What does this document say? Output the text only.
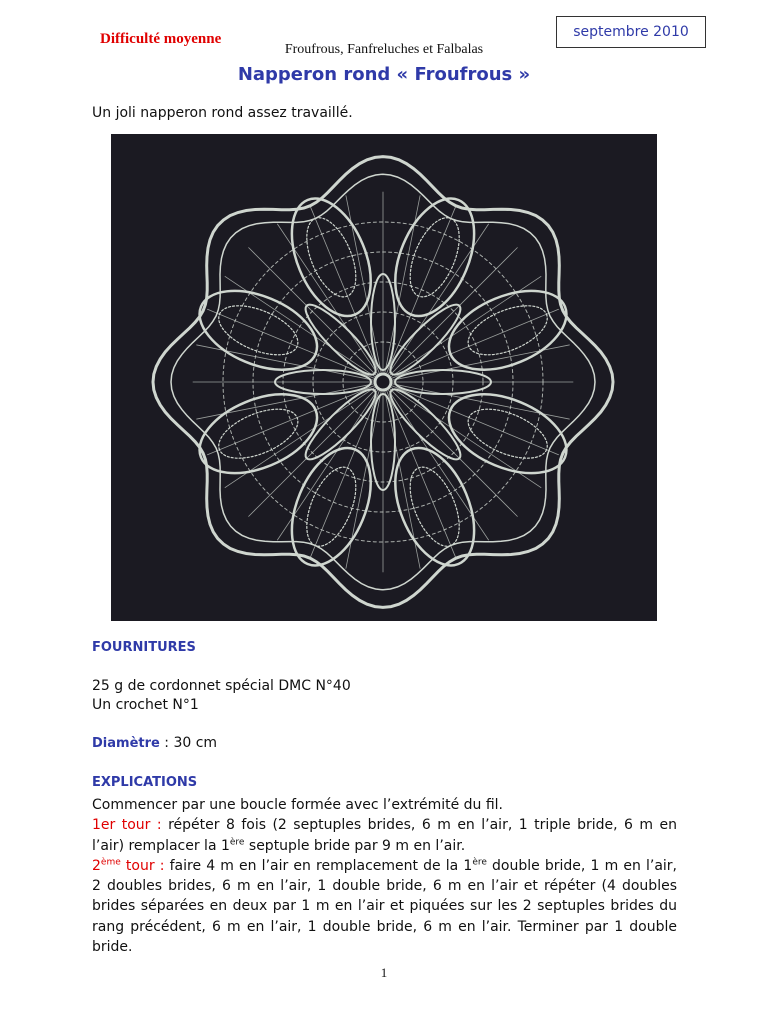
Difficulté moyenne	septembre 2010
Froufrous, Fanfreluches et Falbalas
Napperon rond « Froufrous »
Un joli napperon rond assez travaillé.
FOURNITURES
25 g de cordonnet spécial DMC N°40
Un crochet N°1
Diamètre : 30 cm
EXPLICATIONS
Commencer par une boucle formée avec l’extrémité du fil.
1er tour : répéter 8 fois (2 septuples brides, 6 m en l’air, 1 triple bride, 6 m en l’air) remplacer la 1ère septuple bride par 9 m en l’air.
2ème tour : faire 4 m en l’air en remplacement de la 1ère double bride, 1 m en l’air, 2 doubles brides, 6 m en l’air, 1 double bride, 6 m en l’air et répéter (4 doubles brides séparées en deux par 1 m en l’air et piquées sur les 2 septuples brides du rang précédent, 6 m en l’air, 1 double bride, 6 m en l’air. Terminer par 1 double bride.
1
